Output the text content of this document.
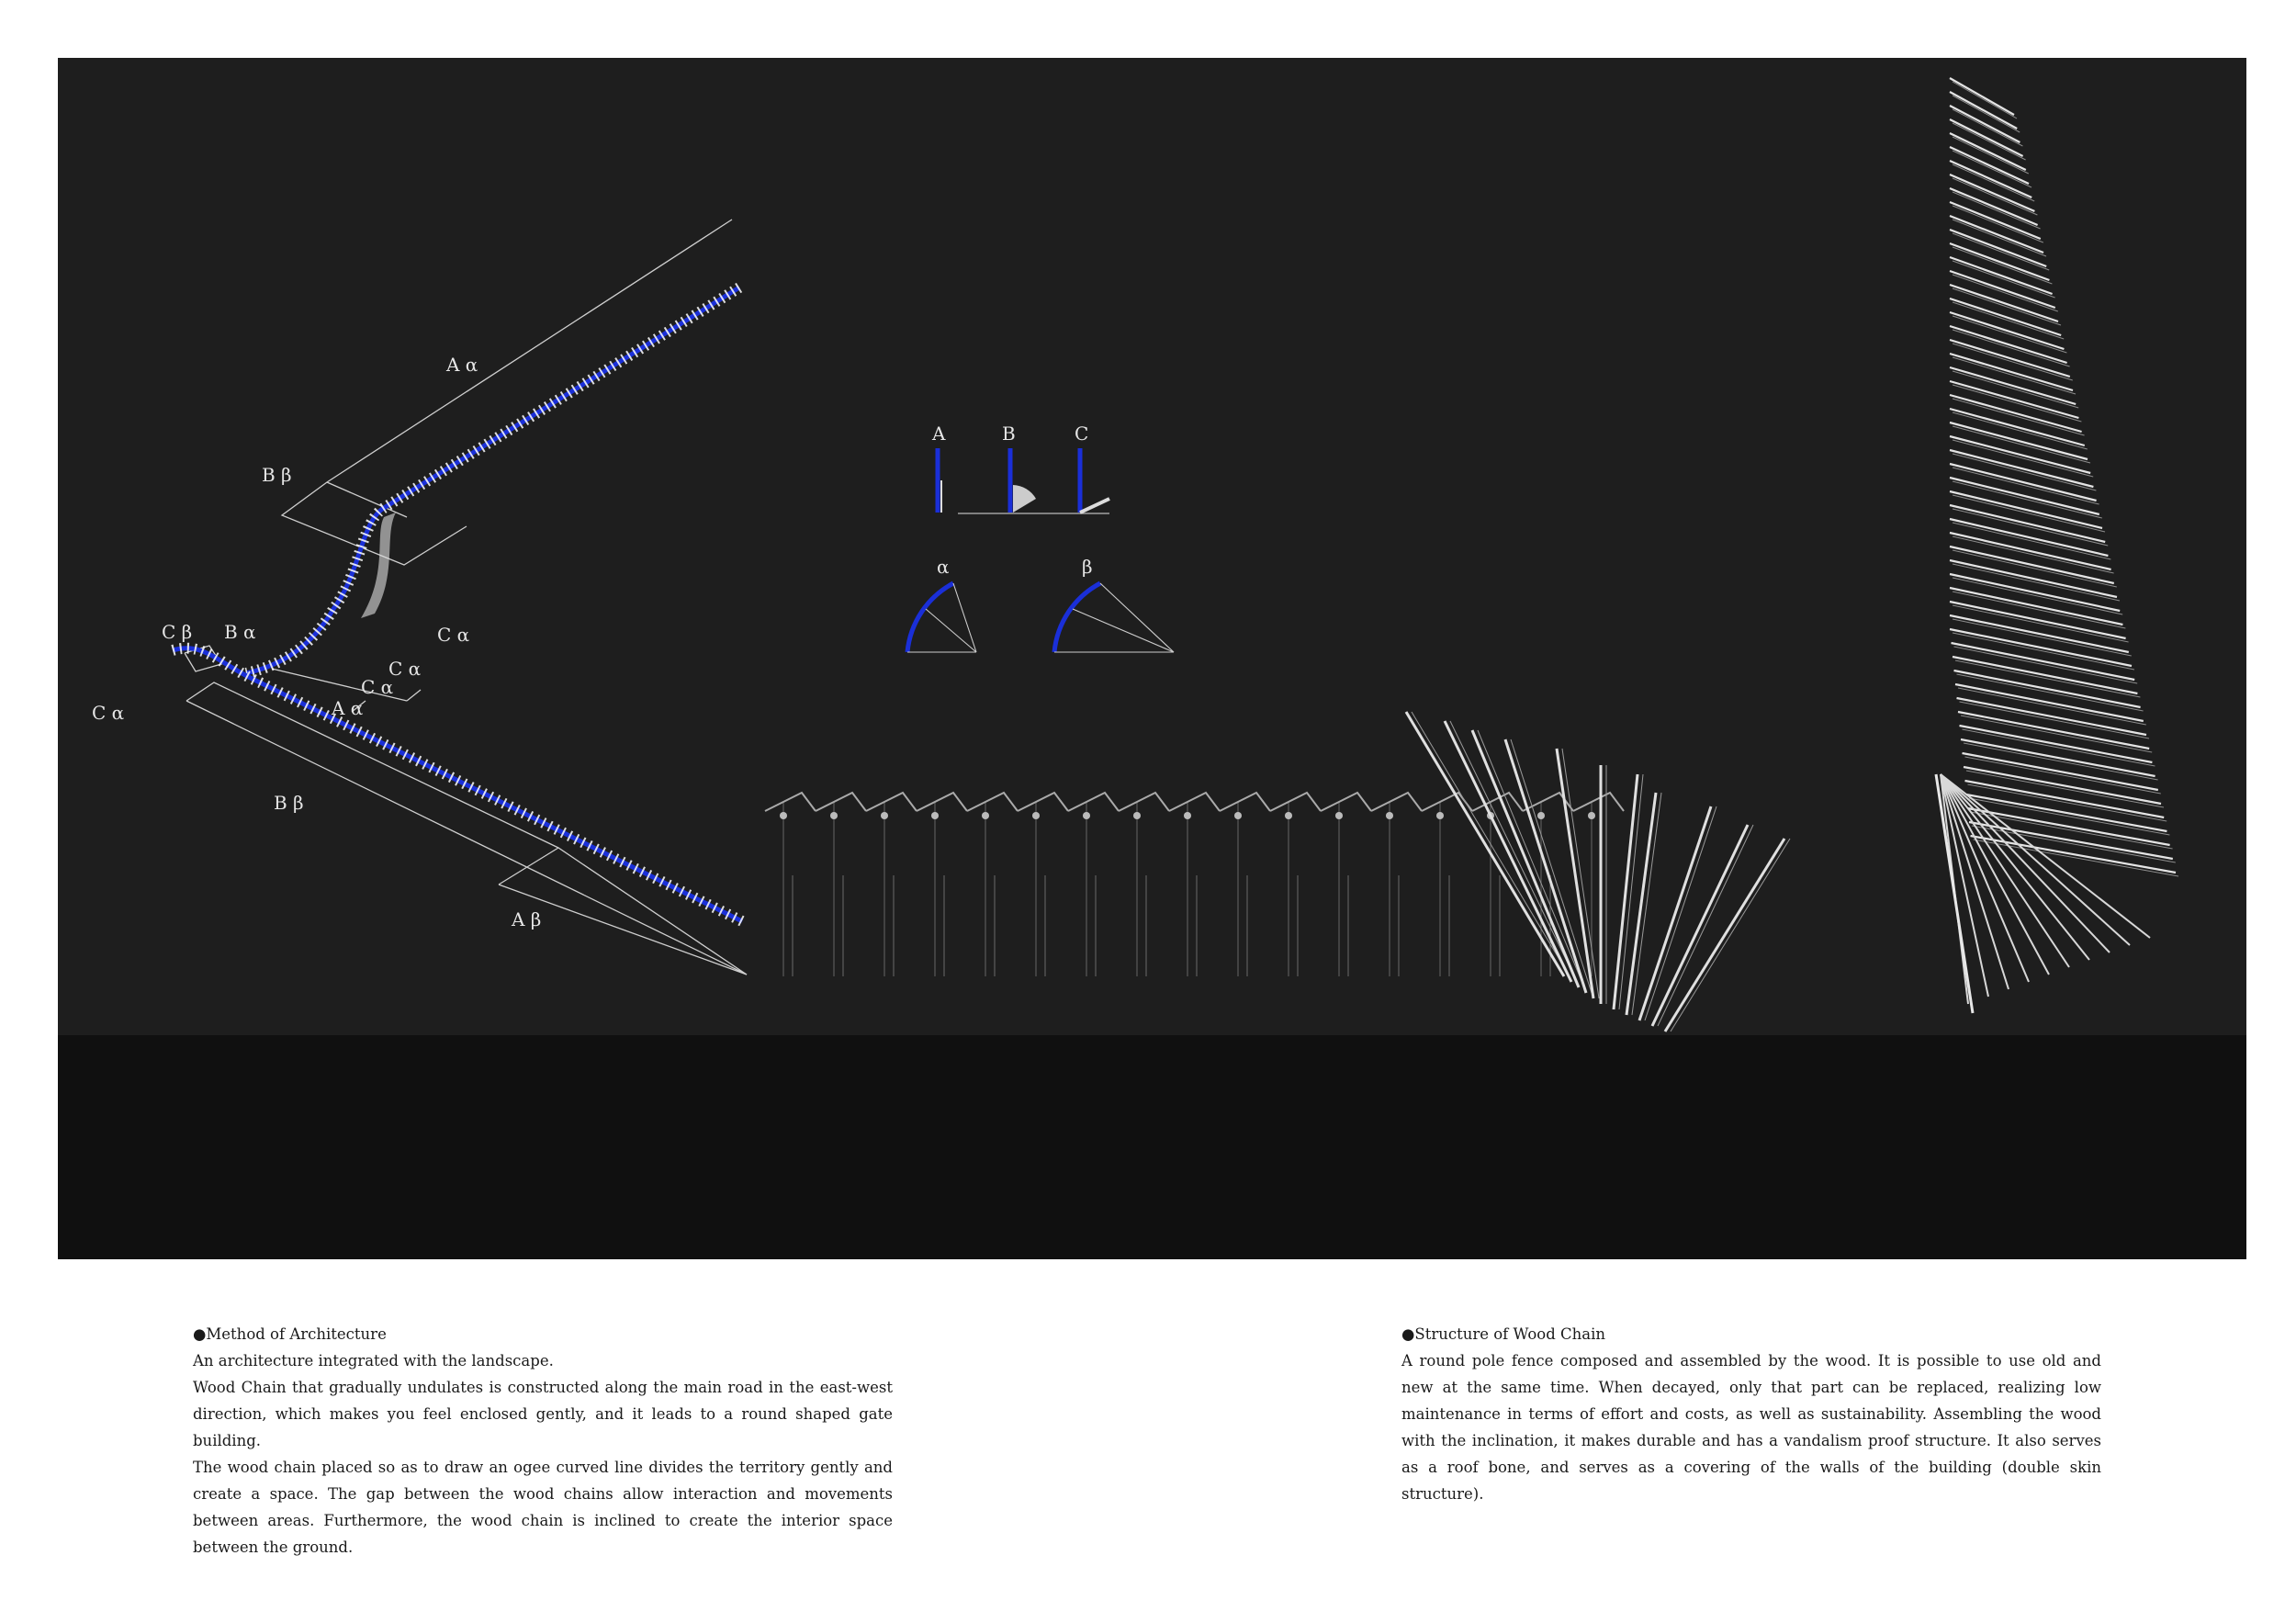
A α
B β
C β B α	C α
C α
C α
A α
C α
B β
A β
A	B	C
α	β

●Method of Architecture

An architecture integrated with the landscape.

Wood Chain that gradually undulates is constructed along the main road in the east-west direction, which makes you feel enclosed gently, and it leads to a round shaped gate building.

The wood chain placed so as to draw an ogee curved line divides the territory gently and create a space. The gap between the wood chains allow interaction and movements between areas. Furthermore, the wood chain is inclined to create the interior space between the ground.

●Structure of Wood Chain

A round pole fence composed and assembled by the wood. It is possible to use old and new at the same time. When decayed, only that part can be replaced, realizing low maintenance in terms of effort and costs, as well as sustainability. Assembling the wood with the inclination, it makes durable and has a vandalism proof structure. It also serves as a roof bone, and serves as a covering of the walls of the building (double skin structure).
